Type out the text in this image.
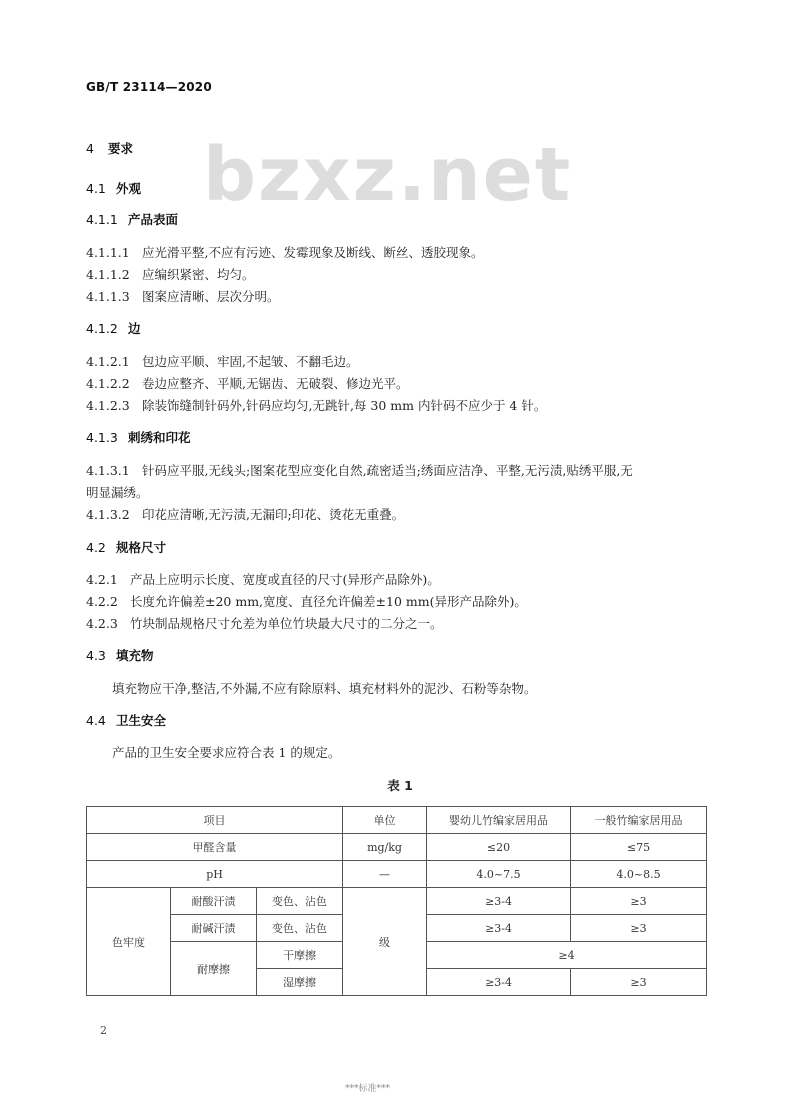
GB/T 23114—2020
bzxz.net
4 要求
4.1 外观
4.1.1 产品表面
4.1.1.1 应光滑平整,不应有污迹、发霉现象及断线、断丝、透胶现象。
4.1.1.2 应编织紧密、均匀。
4.1.1.3 图案应清晰、层次分明。
4.1.2 边
4.1.2.1 包边应平顺、牢固,不起皱、不翻毛边。
4.1.2.2 卷边应整齐、平顺,无锯齿、无破裂、修边光平。
4.1.2.3 除装饰缝制针码外,针码应均匀,无跳针,每 30 mm 内针码不应少于 4 针。
4.1.3 刺绣和印花
4.1.3.1 针码应平服,无线头;图案花型应变化自然,疏密适当;绣面应洁净、平整,无污渍,贴绣平服,无
明显漏绣。
4.1.3.2 印花应清晰,无污渍,无漏印;印花、烫花无重叠。
4.2 规格尺寸
4.2.1 产品上应明示长度、宽度或直径的尺寸(异形产品除外)。
4.2.2 长度允许偏差±20 mm,宽度、直径允许偏差±10 mm(异形产品除外)。
4.2.3 竹块制品规格尺寸允差为单位竹块最大尺寸的二分之一。
4.3 填充物
填充物应干净,整洁,不外漏,不应有除原料、填充材料外的泥沙、石粉等杂物。
4.4 卫生安全
产品的卫生安全要求应符合表 1 的规定。
表 1
项目			单位	婴幼儿竹编家居用品	一般竹编家居用品
甲醛含量			mg/kg	≤20	≤75
pH			—	4.0~7.5	4.0~8.5
色牢度	耐酸汗渍	变色、沾色	级	≥3-4	≥3
	耐碱汗渍	变色、沾色		≥3-4	≥3
	耐摩擦	干摩擦		≥4	
		湿摩擦		≥3-4	≥3
2
***标准***
